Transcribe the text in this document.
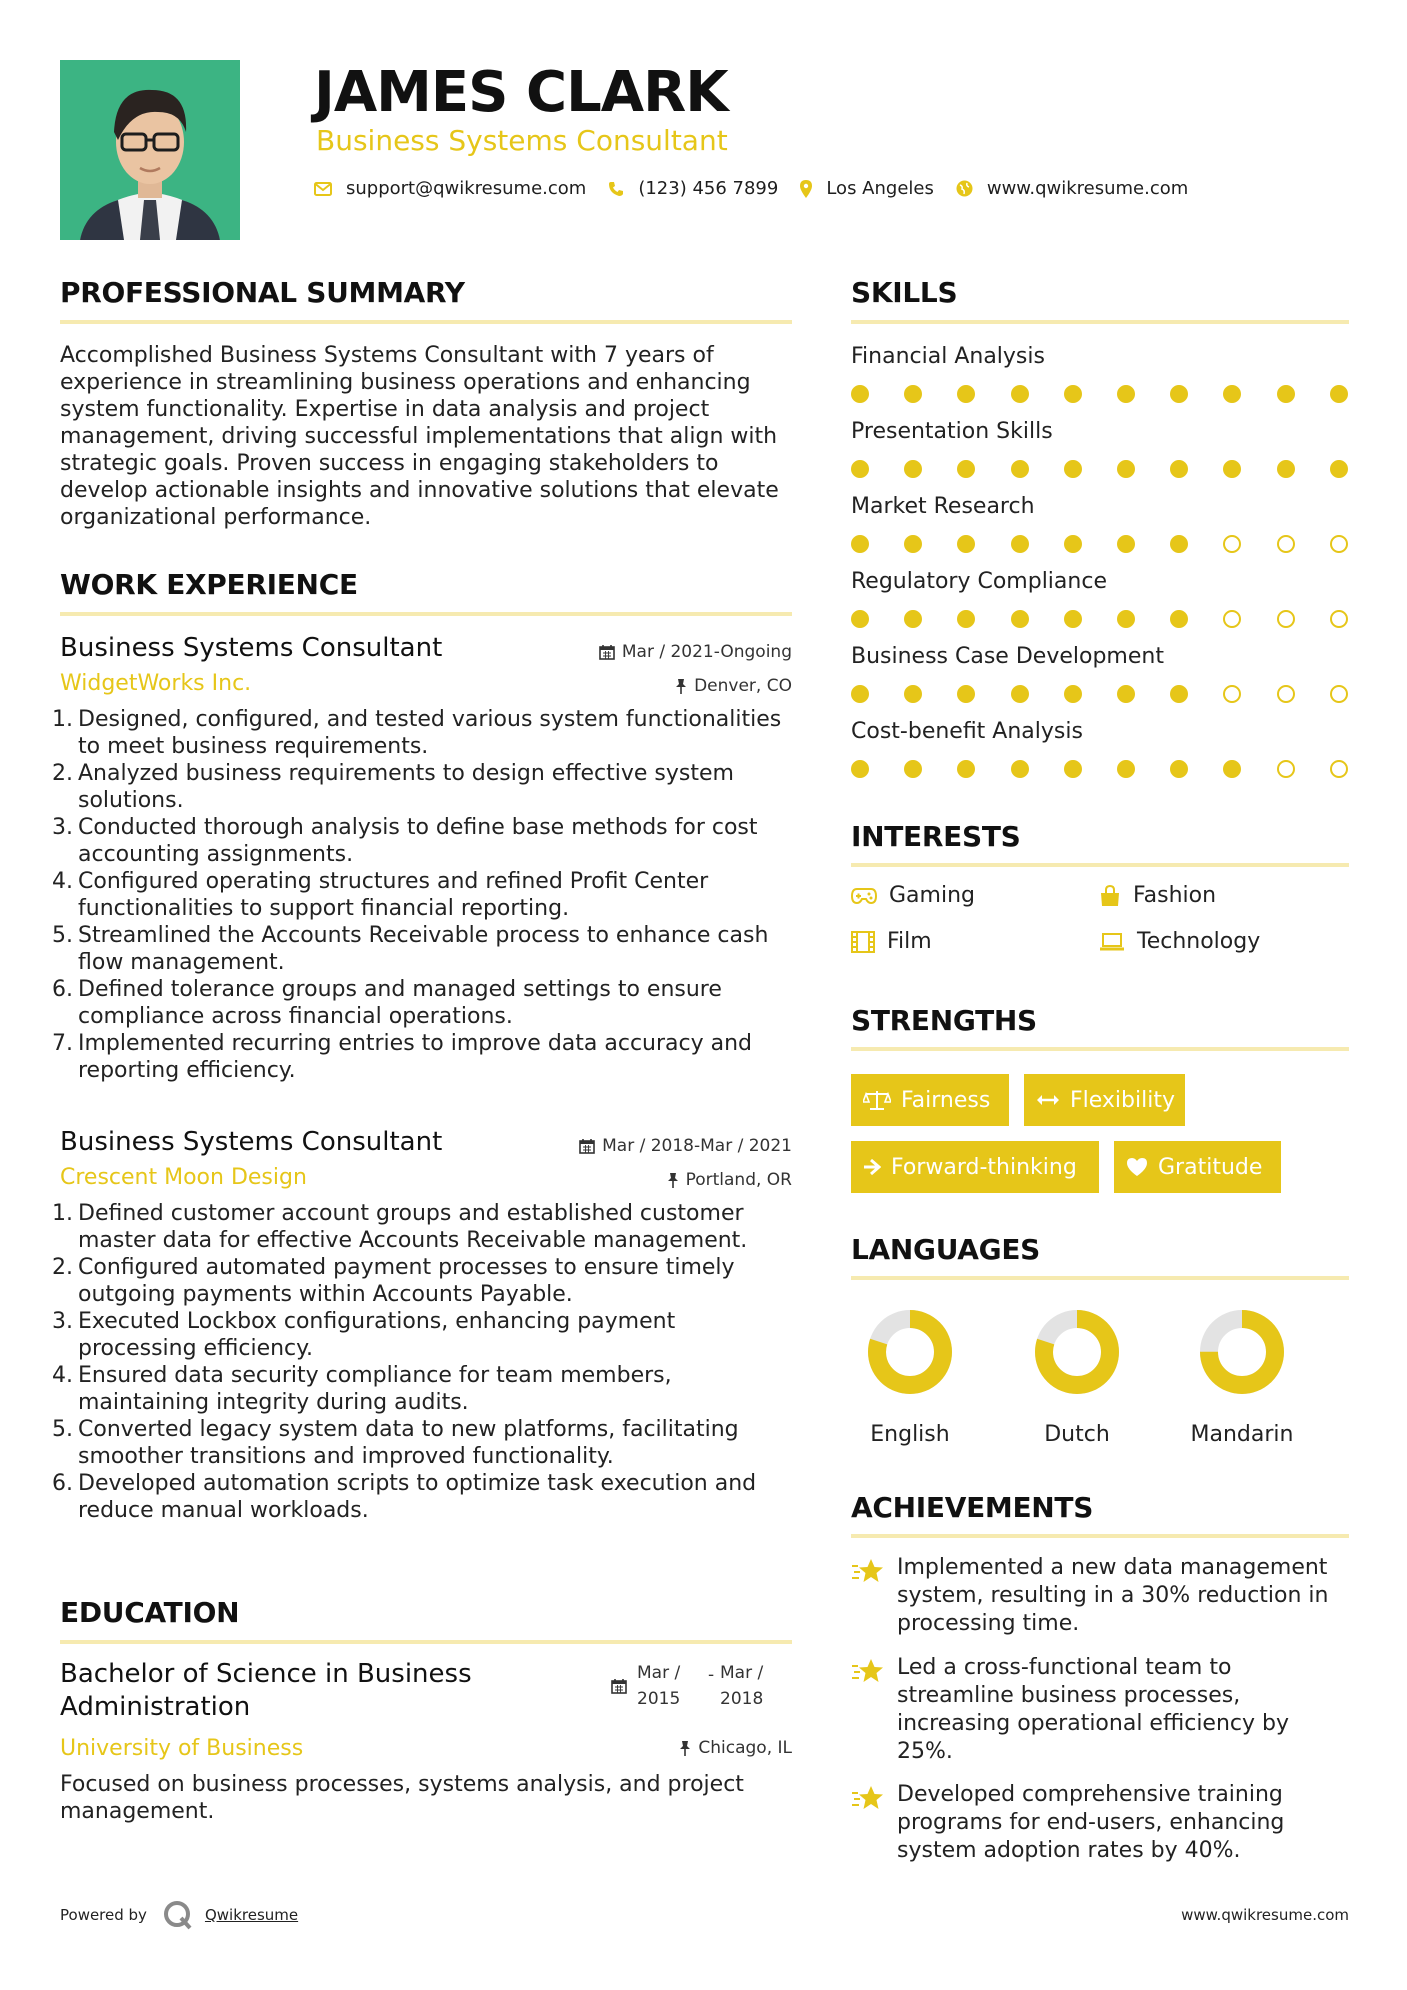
JAMES CLARK
Business Systems Consultant
support@qwikresume.com	(123) 456 7899	Los Angeles	www.qwikresume.com
PROFESSIONAL SUMMARY
Accomplished Business Systems Consultant with 7 years of experience in streamlining business operations and enhancing system functionality. Expertise in data analysis and project management, driving successful implementations that align with strategic goals. Proven success in engaging stakeholders to develop actionable insights and innovative solutions that elevate organizational performance.
WORK EXPERIENCE
Business Systems Consultant
WidgetWorks Inc.
Mar / 2021-Ongoing
Denver, CO
1. Designed, configured, and tested various system functionalities to meet business requirements.
2. Analyzed business requirements to design effective system solutions.
3. Conducted thorough analysis to define base methods for cost accounting assignments.
4. Configured operating structures and refined Profit Center functionalities to support financial reporting.
5. Streamlined the Accounts Receivable process to enhance cash flow management.
6. Defined tolerance groups and managed settings to ensure compliance across financial operations.
7. Implemented recurring entries to improve data accuracy and reporting efficiency.
Business Systems Consultant
Crescent Moon Design
Mar / 2018-Mar / 2021
Portland, OR
1. Defined customer account groups and established customer master data for effective Accounts Receivable management.
2. Configured automated payment processes to ensure timely outgoing payments within Accounts Payable.
3. Executed Lockbox configurations, enhancing payment processing efficiency.
4. Ensured data security compliance for team members, maintaining integrity during audits.
5. Converted legacy system data to new platforms, facilitating smoother transitions and improved functionality.
6. Developed automation scripts to optimize task execution and reduce manual workloads.
EDUCATION
Bachelor of Science in Business Administration
University of Business
Mar /
2015
- Mar /
2018
Chicago, IL
Focused on business processes, systems analysis, and project management.
SKILLS
Financial Analysis
Presentation Skills
Market Research
Regulatory Compliance
Business Case Development
Cost-benefit Analysis
INTERESTS
Gaming	Fashion
Film	Technology
STRENGTHS
Fairness	Flexibility
Forward-thinking	Gratitude
LANGUAGES
English	Dutch	Mandarin
ACHIEVEMENTS
Implemented a new data management system, resulting in a 30% reduction in processing time.
Led a cross-functional team to streamline business processes, increasing operational efficiency by 25%.
Developed comprehensive training programs for end-users, enhancing system adoption rates by 40%.
Powered by	Qwikresume	www.qwikresume.com
